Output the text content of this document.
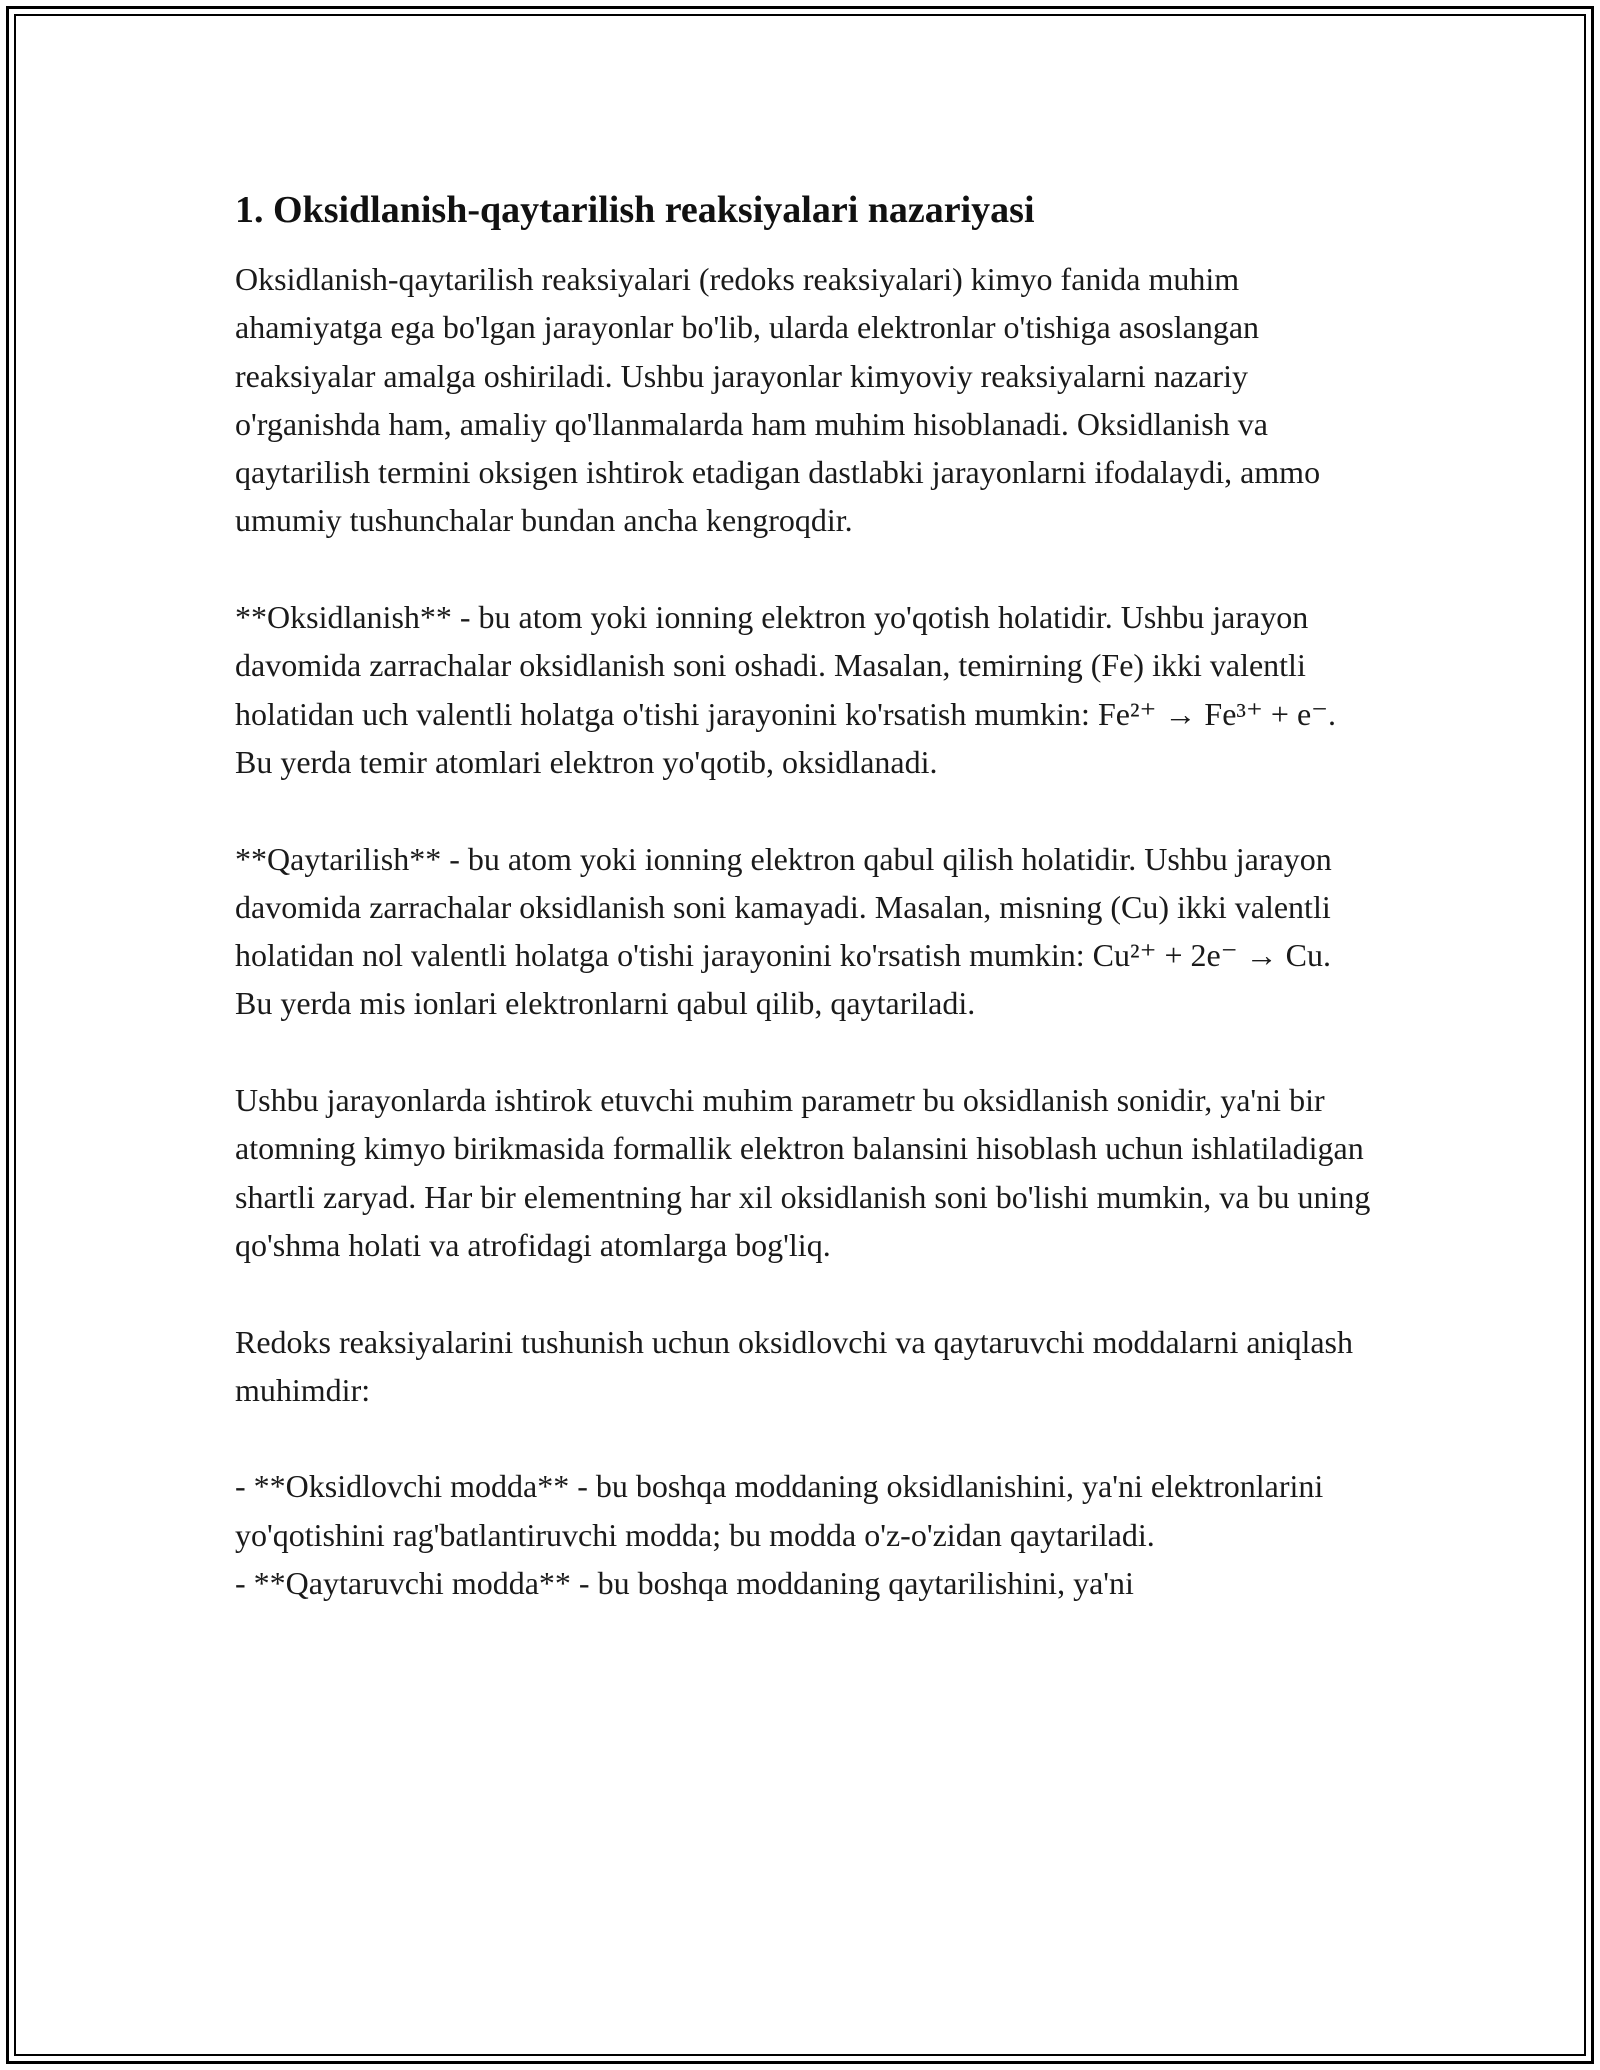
1. Oksidlanish-qaytarilish reaksiyalari nazariyasi

Oksidlanish-qaytarilish reaksiyalari (redoks reaksiyalari) kimyo fanida muhim ahamiyatga ega bo'lgan jarayonlar bo'lib, ularda elektronlar o'tishiga asoslangan reaksiyalar amalga oshiriladi. Ushbu jarayonlar kimyoviy reaksiyalarni nazariy o'rganishda ham, amaliy qo'llanmalarda ham muhim hisoblanadi. Oksidlanish va qaytarilish termini oksigen ishtirok etadigan dastlabki jarayonlarni ifodalaydi, ammo umumiy tushunchalar bundan ancha kengroqdir.

**Oksidlanish** - bu atom yoki ionning elektron yo'qotish holatidir. Ushbu jarayon davomida zarrachalar oksidlanish soni oshadi. Masalan, temirning (Fe) ikki valentli holatidan uch valentli holatga o'tishi jarayonini ko'rsatish mumkin: Fe²⁺ → Fe³⁺ + e⁻. Bu yerda temir atomlari elektron yo'qotib, oksidlanadi.

**Qaytarilish** - bu atom yoki ionning elektron qabul qilish holatidir. Ushbu jarayon davomida zarrachalar oksidlanish soni kamayadi. Masalan, misning (Cu) ikki valentli holatidan nol valentli holatga o'tishi jarayonini ko'rsatish mumkin: Cu²⁺ + 2e⁻ → Cu. Bu yerda mis ionlari elektronlarni qabul qilib, qaytariladi.

Ushbu jarayonlarda ishtirok etuvchi muhim parametr bu oksidlanish sonidir, ya'ni bir atomning kimyo birikmasida formallik elektron balansini hisoblash uchun ishlatiladigan shartli zaryad. Har bir elementning har xil oksidlanish soni bo'lishi mumkin, va bu uning qo'shma holati va atrofidagi atomlarga bog'liq.

Redoks reaksiyalarini tushunish uchun oksidlovchi va qaytaruvchi moddalarni aniqlash muhimdir:

- **Oksidlovchi modda** - bu boshqa moddaning oksidlanishini, ya'ni elektronlarini yo'qotishini rag'batlantiruvchi modda; bu modda o'z-o'zidan qaytariladi.
- **Qaytaruvchi modda** - bu boshqa moddaning qaytarilishini, ya'ni
